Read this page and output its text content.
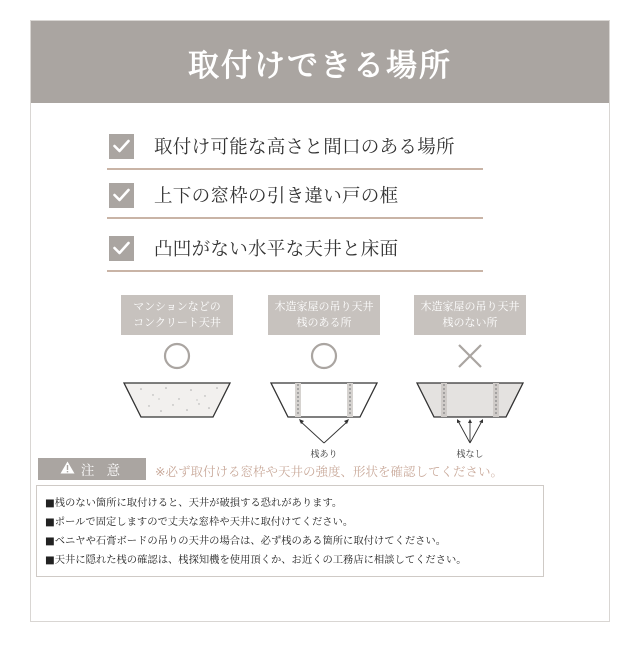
取付けできる場所
取付け可能な高さと間口のある場所
上下の窓枠の引き違い戸の框
凸凹がない水平な天井と床面
マンションなどの
コンクリート天井
木造家屋の吊り天井
桟のある所
桟あり
木造家屋の吊り天井
桟のない所
桟なし
注 意 ※必ず取付ける窓枠や天井の強度、形状を確認してください。
■桟のない箇所に取付けると、天井が破損する恐れがあります。
■ポールで固定しますので丈夫な窓枠や天井に取付けてください。
■ベニヤや石膏ボードの吊りの天井の場合は、必ず桟のある箇所に取付けてください。
■天井に隠れた桟の確認は、桟探知機を使用頂くか、お近くの工務店に相談してください。
